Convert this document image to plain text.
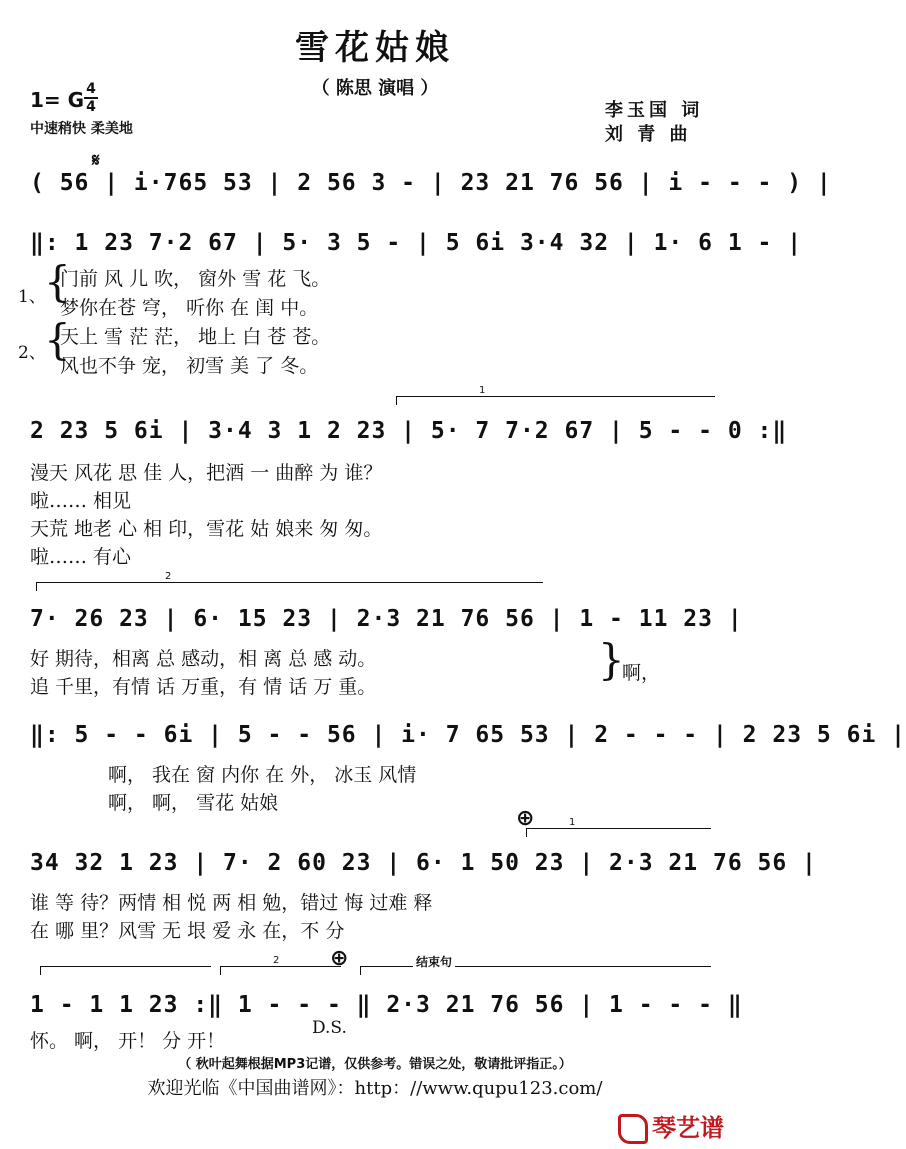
雪花姑娘
（ 陈思 演唱 ）
1= G 4
4
中速稍快 柔美地
李玉国 词
刘 青 曲
𝄋
( 56 | i·765 53 | 2 56 3 - | 23 21 76 56 | i - - - ) |
‖: 1 23 7·2 67 | 5· 3 5 - | 5 6i 3·4 32 | 1· 6 1 - |
1、
{
门前 风 儿 吹， 窗外 雪 花 飞。
梦你在苍 穹， 听你 在 闺 中。
2、
{
天上 雪 茫 茫， 地上 白 苍 苍。
风也不争 宠， 初雪 美 了 冬。
1
2 23 5 6i | 3·4 3 1 2 23 | 5· 7 7·2 67 | 5 - - 0 :‖
漫天 风花 思 佳 人，把酒 一 曲醉 为 谁？
啦…… 相见
天荒 地老 心 相 印，雪花 姑 娘来 匆 匆。
啦…… 有心
2
7· 26 23 | 6· 15 23 | 2·3 21 76 56 | 1 - 11 23 |
好 期待，相离 总 感动，相 离 总 感 动。
追 千里，有情 话 万重，有 情 话 万 重。
}
啊，
‖: 5 - - 6i | 5 - - 56 | i· 7 65 53 | 2 - - - | 2 23 5 6i |
啊， 我在 窗 内你 在 外， 冰玉 风情
啊， 啊， 雪花 姑娘
⊕	1
34 32 1 23 | 7· 2 60 23 | 6· 1 50 23 | 2·3 21 76 56 |
谁 等 待？两情 相 悦 两 相 勉，错过 悔 过难 释
在 哪 里？风雪 无 垠 爱 永 在，不 分
2 ⊕	结束句
1 - 1 1 23 :‖ 1 - - - ‖ 2·3 21 76 56 | 1 - - - ‖
怀。 啊， 开！ 分 开！
D.S.
（ 秋叶起舞根据MP3记谱，仅供参考。错误之处，敬请批评指正。）
欢迎光临《中国曲谱网》：http：//www.qupu123.com/
琴艺谱
